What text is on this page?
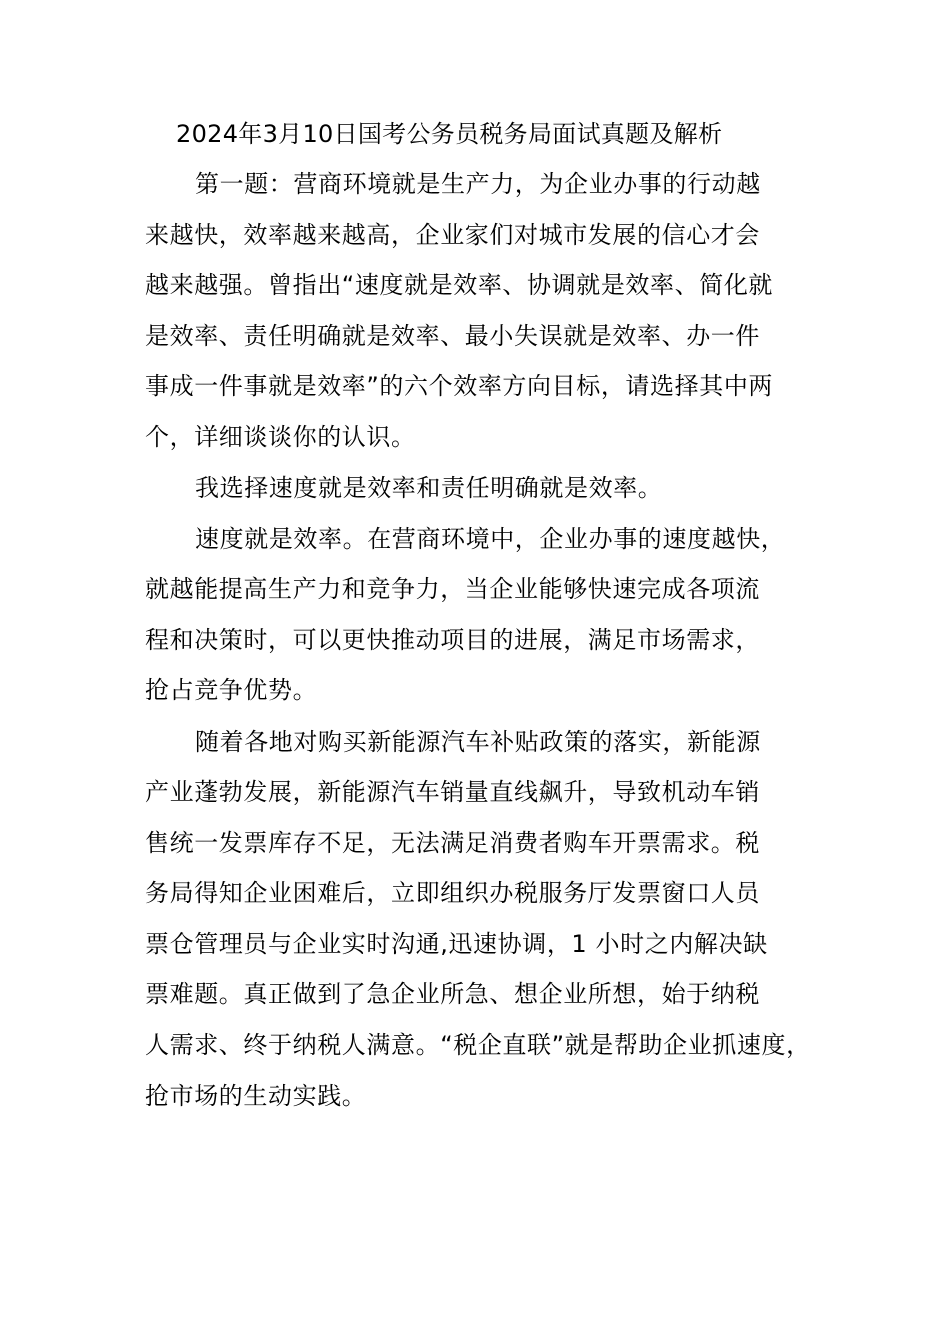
2024年3月10日国考公务员税务局面试真题及解析
第一题：营商环境就是生产力，为企业办事的行动越
来越快，效率越来越高，企业家们对城市发展的信心才会
越来越强。曾指出“速度就是效率、协调就是效率、简化就
是效率、责任明确就是效率、最小失误就是效率、办一件
事成一件事就是效率”的六个效率方向目标，请选择其中两
个，详细谈谈你的认识。
我选择速度就是效率和责任明确就是效率。
速度就是效率。在营商环境中，企业办事的速度越快，
就越能提高生产力和竞争力，当企业能够快速完成各项流
程和决策时，可以更快推动项目的进展，满足市场需求，
抢占竞争优势。
随着各地对购买新能源汽车补贴政策的落实，新能源
产业蓬勃发展，新能源汽车销量直线飙升，导致机动车销
售统一发票库存不足，无法满足消费者购车开票需求。税
务局得知企业困难后，立即组织办税服务厅发票窗口人员
票仓管理员与企业实时沟通,迅速协调，1 小时之内解决缺
票难题。真正做到了急企业所急、想企业所想，始于纳税
人需求、终于纳税人满意。“税企直联”就是帮助企业抓速度，
抢市场的生动实践。
